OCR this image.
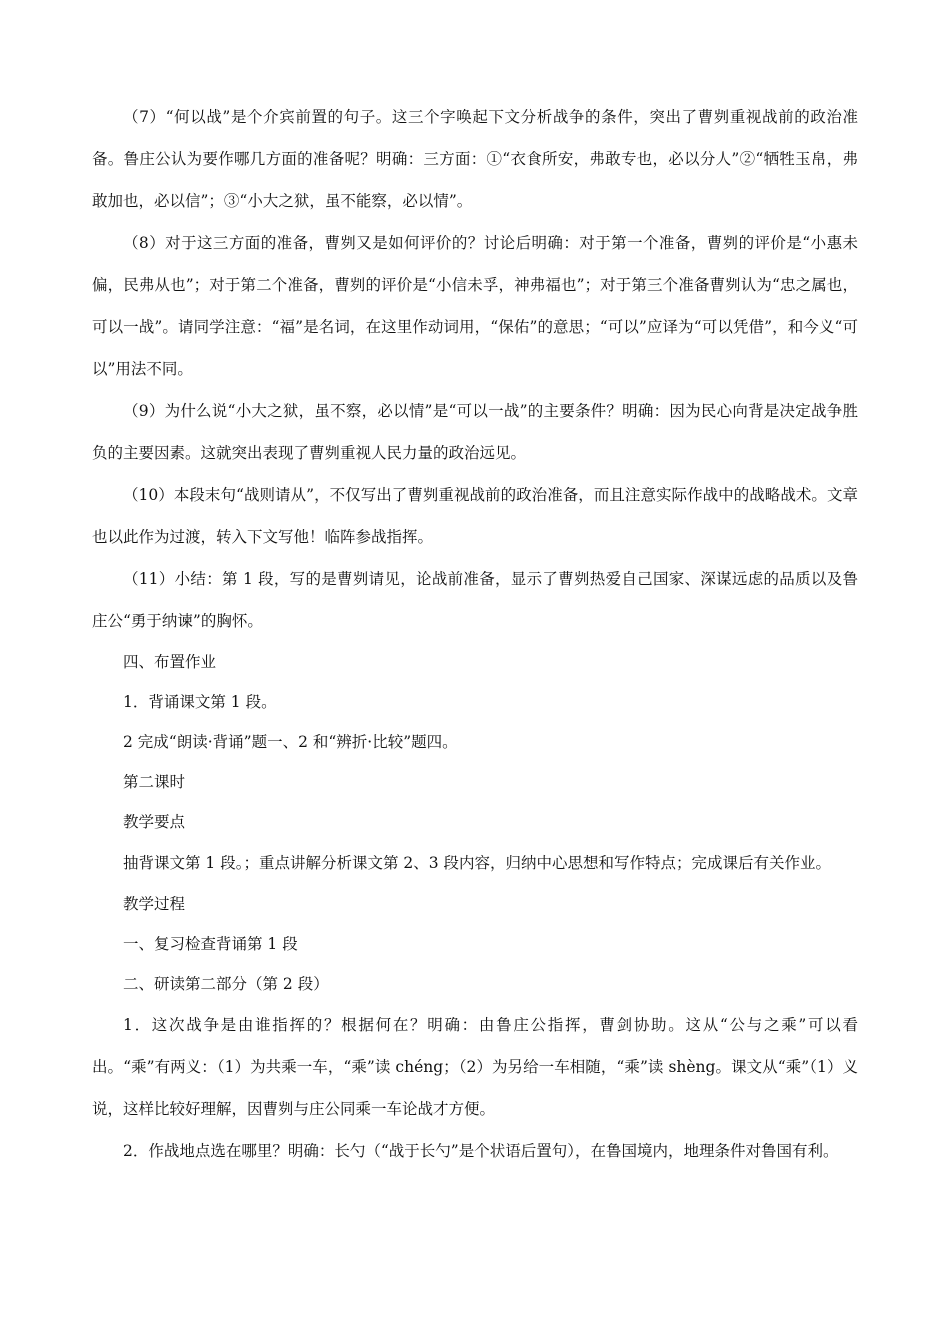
（7）“何以战”是个介宾前置的句子。这三个字唤起下文分析战争的条件，突出了曹刿重视战前的政治准备。鲁庄公认为要作哪几方面的准备呢？明确：三方面：①“衣食所安，弗敢专也，必以分人”②“牺牲玉帛，弗敢加也，必以信”；③“小大之狱，虽不能察，必以情”。

（8）对于这三方面的准备，曹刿又是如何评价的？讨论后明确：对于第一个准备，曹刿的评价是“小惠未偏，民弗从也”；对于第二个准备，曹刿的评价是“小信未孚，神弗福也”；对于第三个准备曹刿认为“忠之属也，可以一战”。请同学注意：“福”是名词，在这里作动词用，“保佑”的意思；“可以”应译为“可以凭借”，和今义“可以”用法不同。

（9）为什么说“小大之狱，虽不察，必以情”是“可以一战”的主要条件？明确：因为民心向背是决定战争胜负的主要因素。这就突出表现了曹刿重视人民力量的政治远见。

（10）本段末句“战则请从”，不仅写出了曹刿重视战前的政治准备，而且注意实际作战中的战略战术。文章也以此作为过渡，转入下文写他！临阵参战指挥。

（11）小结：第 1 段，写的是曹刿请见，论战前准备，显示了曹刿热爱自己国家、深谋远虑的品质以及鲁庄公“勇于纳谏”的胸怀。

四、布置作业

1．背诵课文第 1 段。

2 完成“朗读·背诵”题一、2 和“辨折·比较”题四。

第二课时

教学要点

抽背课文第 1 段。；重点讲解分析课文第 2、3 段内容，归纳中心思想和写作特点；完成课后有关作业。

教学过程

一、复习检查背诵第 1 段

二、研读第二部分（第 2 段）

1．这次战争是由谁指挥的？根据何在？明确：由鲁庄公指挥，曹剑协助。这从“公与之乘”可以看出。“乘”有两义：（1）为共乘一车，“乘”读 chéng；（2）为另给一车相随，“乘”读 shèng。课文从“乘”（1）义说，这样比较好理解，因曹刿与庄公同乘一车论战才方便。

2．作战地点选在哪里？明确：长勺（“战于长勺”是个状语后置句），在鲁国境内，地理条件对鲁国有利。
